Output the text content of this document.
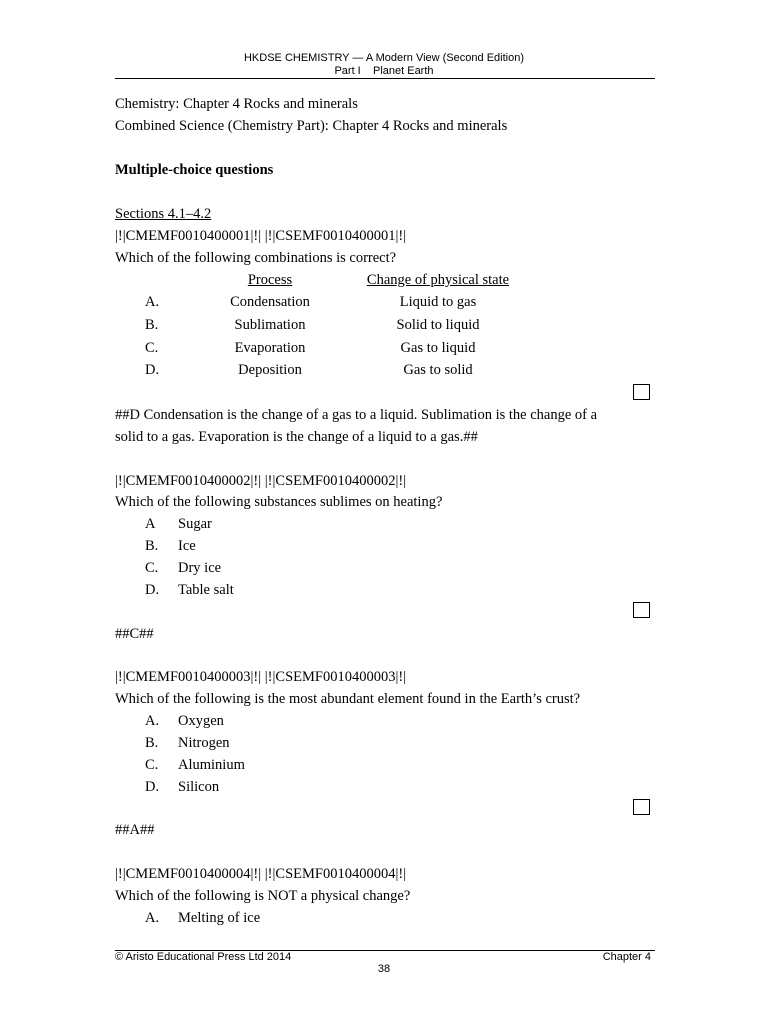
HKDSE CHEMISTRY — A Modern View (Second Edition)
Part I Planet Earth
Chemistry: Chapter 4 Rocks and minerals
Combined Science (Chemistry Part): Chapter 4 Rocks and minerals
Multiple-choice questions
Sections 4.1–4.2
|!|CMEMF0010400001|!| |!|CSEMF0010400001|!|
Which of the following combinations is correct?
Process	Change of physical state
A.	Condensation	Liquid to gas
B.	Sublimation	Solid to liquid
C.	Evaporation	Gas to liquid
D.	Deposition	Gas to solid
##D Condensation is the change of a gas to a liquid. Sublimation is the change of a
solid to a gas. Evaporation is the change of a liquid to a gas.##
|!|CMEMF0010400002|!| |!|CSEMF0010400002|!|
Which of the following substances sublimes on heating?
A Sugar
B. Ice
C. Dry ice
D. Table salt
##C##
|!|CMEMF0010400003|!| |!|CSEMF0010400003|!|
Which of the following is the most abundant element found in the Earth’s crust?
A. Oxygen
B. Nitrogen
C. Aluminium
D. Silicon
##A##
|!|CMEMF0010400004|!| |!|CSEMF0010400004|!|
Which of the following is NOT a physical change?
A. Melting of ice
© Aristo Educational Press Ltd 2014	Chapter 4
38
